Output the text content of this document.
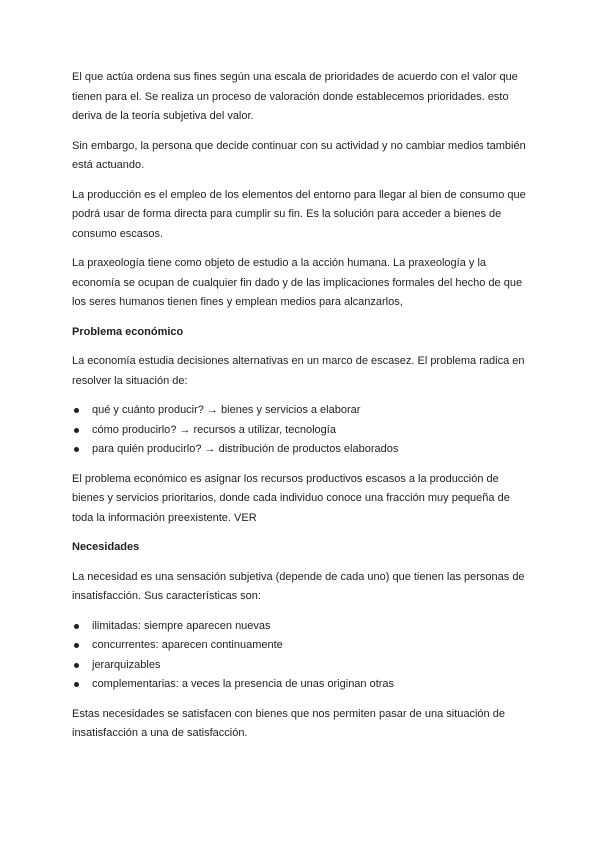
El que actúa ordena sus fines según una escala de prioridades de acuerdo con el valor que tienen para el. Se realiza un proceso de valoración donde establecemos prioridades. esto deriva de la teoría subjetiva del valor.

Sin embargo, la persona que decide continuar con su actividad y no cambiar medios también está actuando.

La producción es el empleo de los elementos del entorno para llegar al bien de consumo que podrá usar de forma directa para cumplir su fin. Es la solución para acceder a bienes de consumo escasos.

La praxeología tiene como objeto de estudio a la acción humana. La praxeología y la economía se ocupan de cualquier fin dado y de las implicaciones formales del hecho de que los seres humanos tienen fines y emplean medios para alcanzarlos,

Problema económico

La economía estudia decisiones alternativas en un marco de escasez. El problema radica en resolver la situación de:

qué y cuánto producir? → bienes y servicios a elaborar
cómo producirlo? → recursos a utilizar, tecnología
para quién producirlo? → distribución de productos elaborados

El problema económico es asignar los recursos productivos escasos a la producción de bienes y servicios prioritarios, donde cada individuo conoce una fracción muy pequeña de toda la información preexistente. VER

Necesidades

La necesidad es una sensación subjetiva (depende de cada uno) que tienen las personas de insatisfacción. Sus características son:

ilimitadas: siempre aparecen nuevas
concurrentes: aparecen continuamente
jerarquizables
complementarias: a veces la presencia de unas originan otras

Estas necesidades se satisfacen con bienes que nos permiten pasar de una situación de insatisfacción a una de satisfacción.
